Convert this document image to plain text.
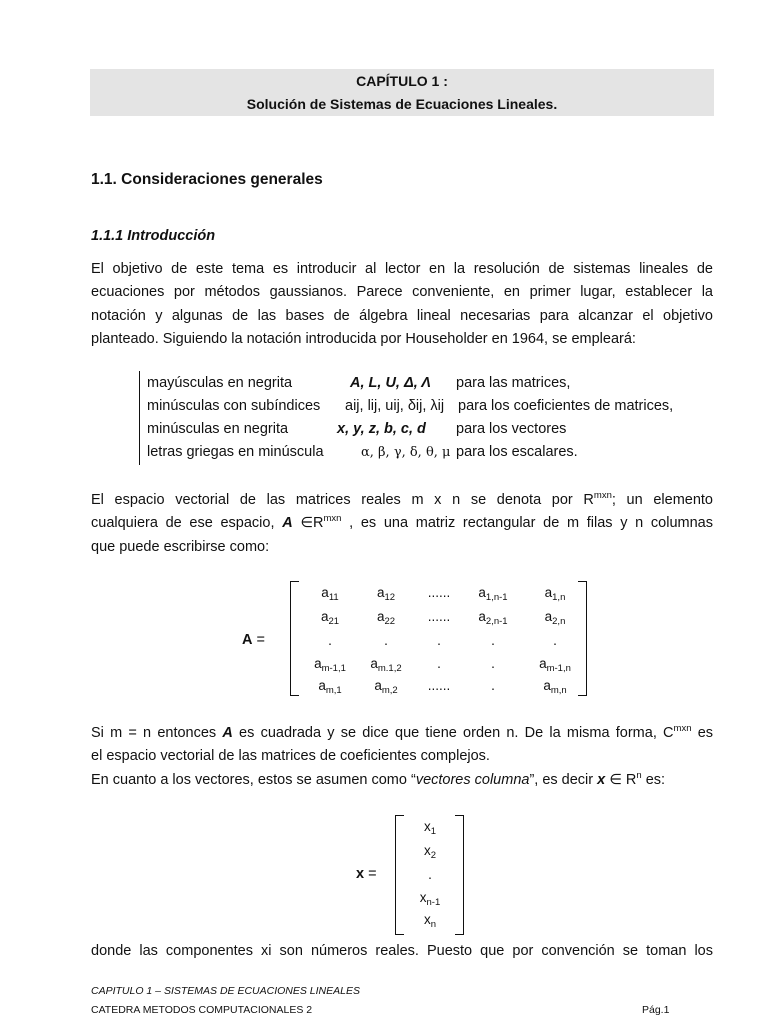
CAPÍTULO 1 :
Solución de Sistemas de Ecuaciones Lineales.
1.1. Consideraciones generales
1.1.1 Introducción

El objetivo de este tema es introducir al lector en la resolución de sistemas lineales de
ecuaciones por métodos gaussianos. Parece conveniente, en primer lugar, establecer la
notación y algunas de las bases de álgebra lineal necesarias para alcanzar el objetivo
planteado. Siguiendo la notación introducida por Householder en 1964, se empleará:

mayúsculas en negrita	A, L, U, Δ, Λ para las matrices,
minúsculas con subíndices aij, lij, uij, δij, λij para los coeficientes de matrices,
minúsculas en negrita	x, y, z, b, c, d para los vectores
letras griegas en minúscula	α, β, γ, δ, θ, μ para los escalares.

El espacio vectorial de las matrices reales m x n se denota por $R^{mxn}$; un elemento
cualquiera de ese espacio, A $\in R^{mxn}$ , es una matriz rectangular de m filas y n columnas
que puede escribirse como:

A =
$a_{11}$	$a_{12}$	......	$a_{1,n-1}$	$a_{1,n}$
$a_{21}$	$a_{22}$	......	$a_{2,n-1}$	$a_{2,n}$
.	.	.	.	.
$a_{m-1,1}$	$a_{m.1,2}$	.	.	$a_{m-1,n}$
$a_{m,1}$	$a_{m,2}$	......	.	$a_{m,n}$

Si m = n entonces A es cuadrada y se dice que tiene orden n. De la misma forma, $C^{mxn}$ es
el espacio vectorial de las matrices de coeficientes complejos.
En cuanto a los vectores, estos se asumen como “vectores columna”, es decir x ∈ $R^n$ es:

x =
$x_1$
$x_2$
.
$x_{n-1}$
$x_n$

donde las componentes xi son números reales. Puesto que por convención se toman los

CAPITULO 1 – SISTEMAS DE ECUACIONES LINEALES
CATEDRA METODOS COMPUTACIONALES 2	Pág.1
